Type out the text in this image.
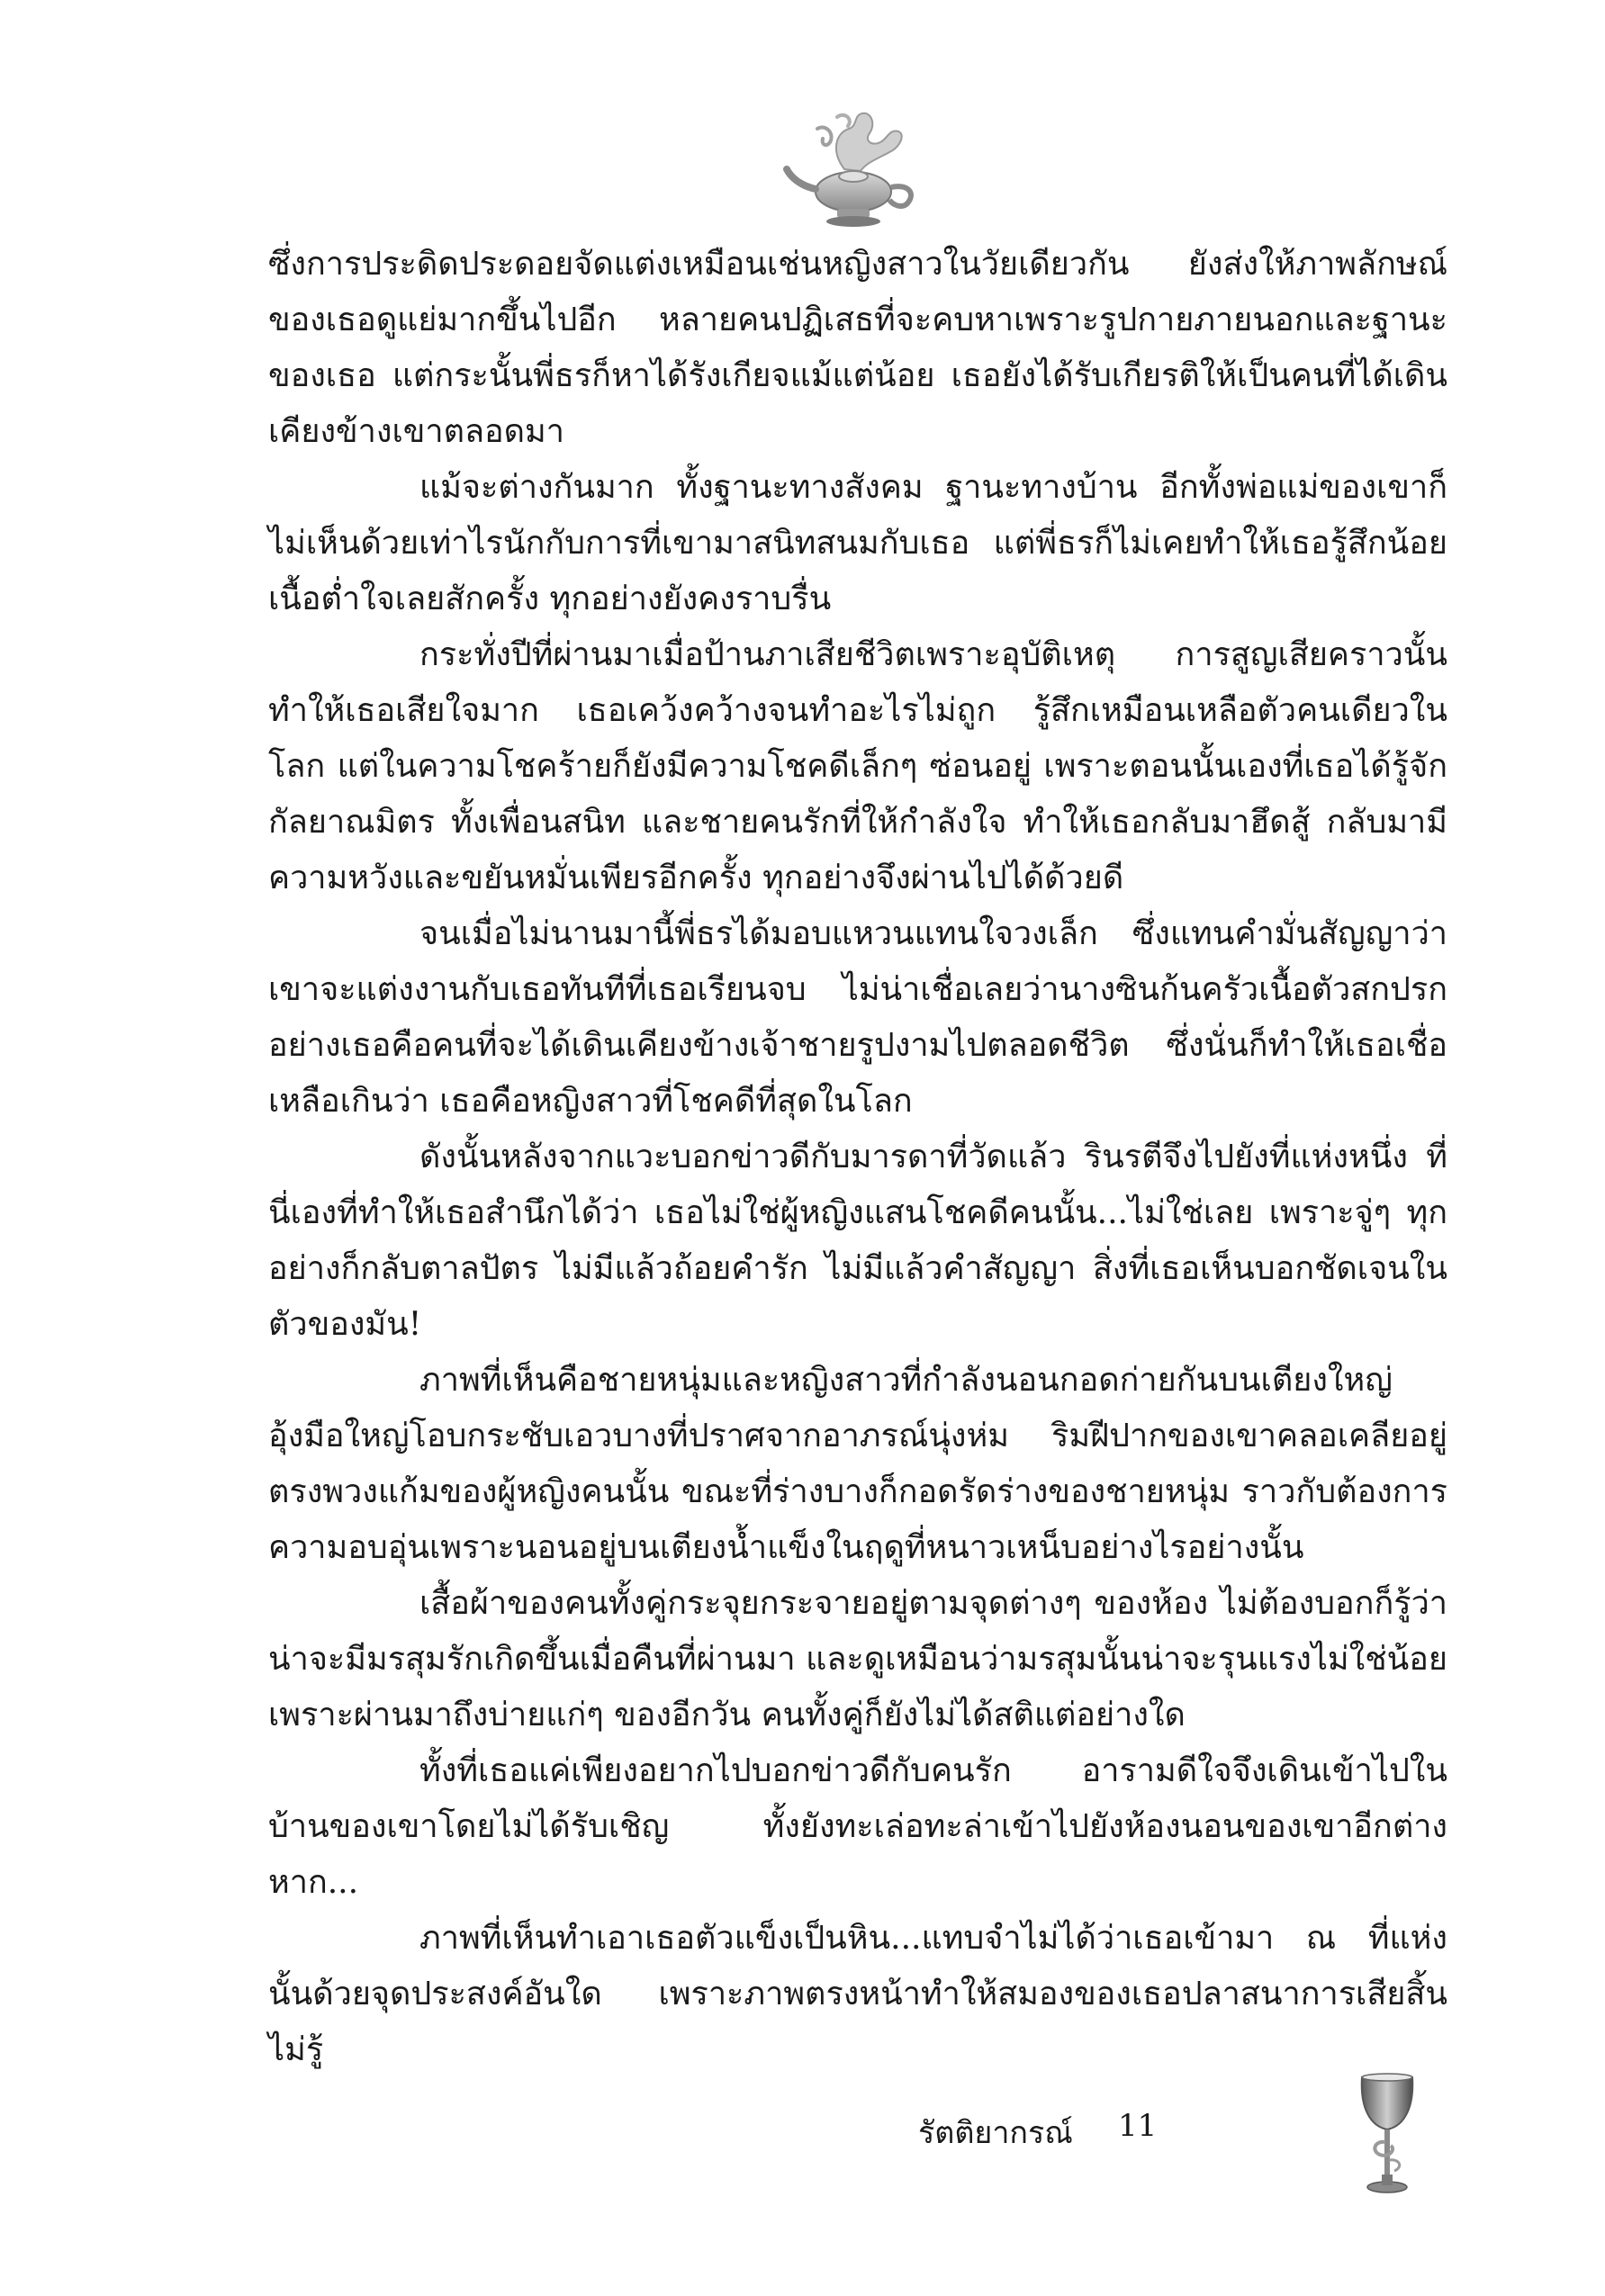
ซึ่งการประดิดประดอยจัดแต่งเหมือนเช่นหญิงสาวในวัยเดียวกัน ยังส่งให้ภาพลักษณ์ของเธอดูแย่มากขึ้นไปอีก หลายคนปฏิเสธที่จะคบหาเพราะรูปกายภายนอกและฐานะของเธอ แต่กระนั้นพี่ธรก็หาได้รังเกียจแม้แต่น้อย เธอยังได้รับเกียรติให้เป็นคนที่ได้เดินเคียงข้างเขาตลอดมา

แม้จะต่างกันมาก ทั้งฐานะทางสังคม ฐานะทางบ้าน อีกทั้งพ่อแม่ของเขาก็ไม่เห็นด้วยเท่าไรนักกับการที่เขามาสนิทสนมกับเธอ แต่พี่ธรก็ไม่เคยทำให้เธอรู้สึกน้อยเนื้อต่ำใจเลยสักครั้ง ทุกอย่างยังคงราบรื่น

กระทั่งปีที่ผ่านมาเมื่อป้านภาเสียชีวิตเพราะอุบัติเหตุ การสูญเสียคราวนั้นทำให้เธอเสียใจมาก เธอเคว้งคว้างจนทำอะไรไม่ถูก รู้สึกเหมือนเหลือตัวคนเดียวในโลก แต่ในความโชคร้ายก็ยังมีความโชคดีเล็กๆ ซ่อนอยู่ เพราะตอนนั้นเองที่เธอได้รู้จักกัลยาณมิตร ทั้งเพื่อนสนิท และชายคนรักที่ให้กำลังใจ ทำให้เธอกลับมาฮึดสู้ กลับมามีความหวังและขยันหมั่นเพียรอีกครั้ง ทุกอย่างจึงผ่านไปได้ด้วยดี

จนเมื่อไม่นานมานี้พี่ธรได้มอบแหวนแทนใจวงเล็ก ซึ่งแทนคำมั่นสัญญาว่าเขาจะแต่งงานกับเธอทันทีที่เธอเรียนจบ ไม่น่าเชื่อเลยว่านางซินก้นครัวเนื้อตัวสกปรกอย่างเธอคือคนที่จะได้เดินเคียงข้างเจ้าชายรูปงามไปตลอดชีวิต ซึ่งนั่นก็ทำให้เธอเชื่อเหลือเกินว่า เธอคือหญิงสาวที่โชคดีที่สุดในโลก

ดังนั้นหลังจากแวะบอกข่าวดีกับมารดาที่วัดแล้ว รินรตีจึงไปยังที่แห่งหนึ่ง ที่นี่เองที่ทำให้เธอสำนึกได้ว่า เธอไม่ใช่ผู้หญิงแสนโชคดีคนนั้น...ไม่ใช่เลย เพราะจู่ๆ ทุกอย่างก็กลับตาลปัตร ไม่มีแล้วถ้อยคำรัก ไม่มีแล้วคำสัญญา สิ่งที่เธอเห็นบอกชัดเจนในตัวของมัน!

ภาพที่เห็นคือชายหนุ่มและหญิงสาวที่กำลังนอนกอดก่ายกันบนเตียงใหญ่ อุ้งมือใหญ่โอบกระชับเอวบางที่ปราศจากอาภรณ์นุ่งห่ม ริมฝีปากของเขาคลอเคลียอยู่ตรงพวงแก้มของผู้หญิงคนนั้น ขณะที่ร่างบางก็กอดรัดร่างของชายหนุ่ม ราวกับต้องการความอบอุ่นเพราะนอนอยู่บนเตียงน้ำแข็งในฤดูที่หนาวเหน็บอย่างไรอย่างนั้น

เสื้อผ้าของคนทั้งคู่กระจุยกระจายอยู่ตามจุดต่างๆ ของห้อง ไม่ต้องบอกก็รู้ว่าน่าจะมีมรสุมรักเกิดขึ้นเมื่อคืนที่ผ่านมา และดูเหมือนว่ามรสุมนั้นน่าจะรุนแรงไม่ใช่น้อย เพราะผ่านมาถึงบ่ายแก่ๆ ของอีกวัน คนทั้งคู่ก็ยังไม่ได้สติแต่อย่างใด

ทั้งที่เธอแค่เพียงอยากไปบอกข่าวดีกับคนรัก อารามดีใจจึงเดินเข้าไปในบ้านของเขาโดยไม่ได้รับเชิญ ทั้งยังทะเล่อทะล่าเข้าไปยังห้องนอนของเขาอีกต่างหาก...

ภาพที่เห็นทำเอาเธอตัวแข็งเป็นหิน...แทบจำไม่ได้ว่าเธอเข้ามา ณ ที่แห่งนั้นด้วยจุดประสงค์อันใด เพราะภาพตรงหน้าทำให้สมองของเธอปลาสนาการเสียสิ้น ไม่รู้

รัตติยากรณ์ 11
